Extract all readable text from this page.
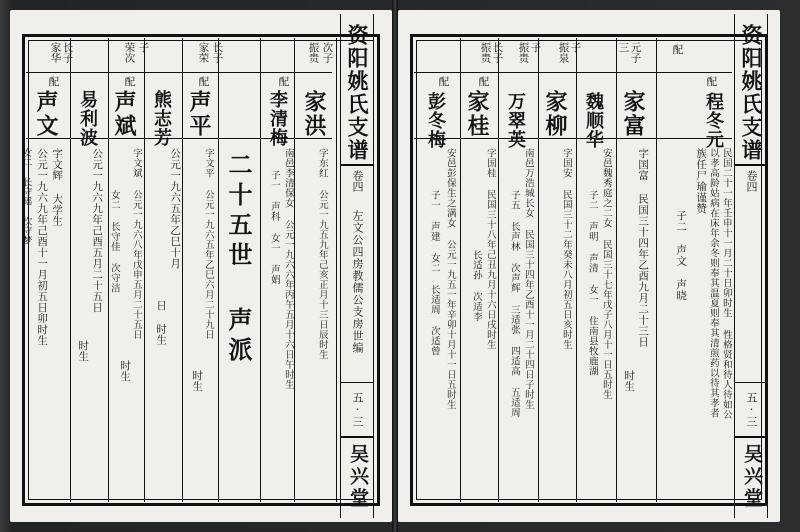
长子
家华
配
声文
字文辉 大学生
公元一九六九年己酉十一月初五日卯时生
女二 长守瑶 次守梦
易利波
公元一九六九年己酉五月二十五日
时生
子
荣次
配
声斌
字文斌 公元一九六八年戊申五月二十五日
时生
女二 长守佳 次守洁
熊志芳
公元一九六五年乙巳十月
日 时生
长子
家荣
配
声平
字文平 公元一九六五年乙巳六月二十九日
时生
二十五世 声派
配
李清梅
南邑李清保女 公元一九六六年丙午五月十六日午时生
子一 声科 女一 声娟
次子
振贵
家洪
字东红 公元一九五九年己亥正月十三日辰时生
资阳姚氏支谱
卷四
左文公四房教儒公支房世编
五·三
吴兴堂
资阳姚氏支谱
卷四
五·三
吴兴堂
元子
三
配
程冬元
民国二十一年壬申十一月二十日卯时生 性格贤和待人待如公
以孝高龄姑病在床年余冬则奉其温夏则奉其清煎药以待其孝者
族任尸瑜谨赞
子二 声文 声晓
家富
字国富 民国三十四年乙酉九月二十三日
时生
子
振泉
魏顺华
安邑魏秀庭之二女 民国三十七年戊子八月十一日五时生
子二 声明 声清 女一 住南县牧鹿湖
家柳
字国安 民国三十二年癸未八月初五日亥时生
子
振贵
万翠英
南邑万浩城长女 民国三十四年乙酉十一月二十四日子时生
子五 长声林 次声辉 三适张 四适高 五适周
长子
振贵
家桂
字国桂 民国三十八年己丑九月十六日戌时生
长适孙 次适李
配
彭冬梅
安邑彭保生之满女 公元一九五一年辛卯十月十一日五时生
子一 声建 女二 长适周 次适曾
配
配
